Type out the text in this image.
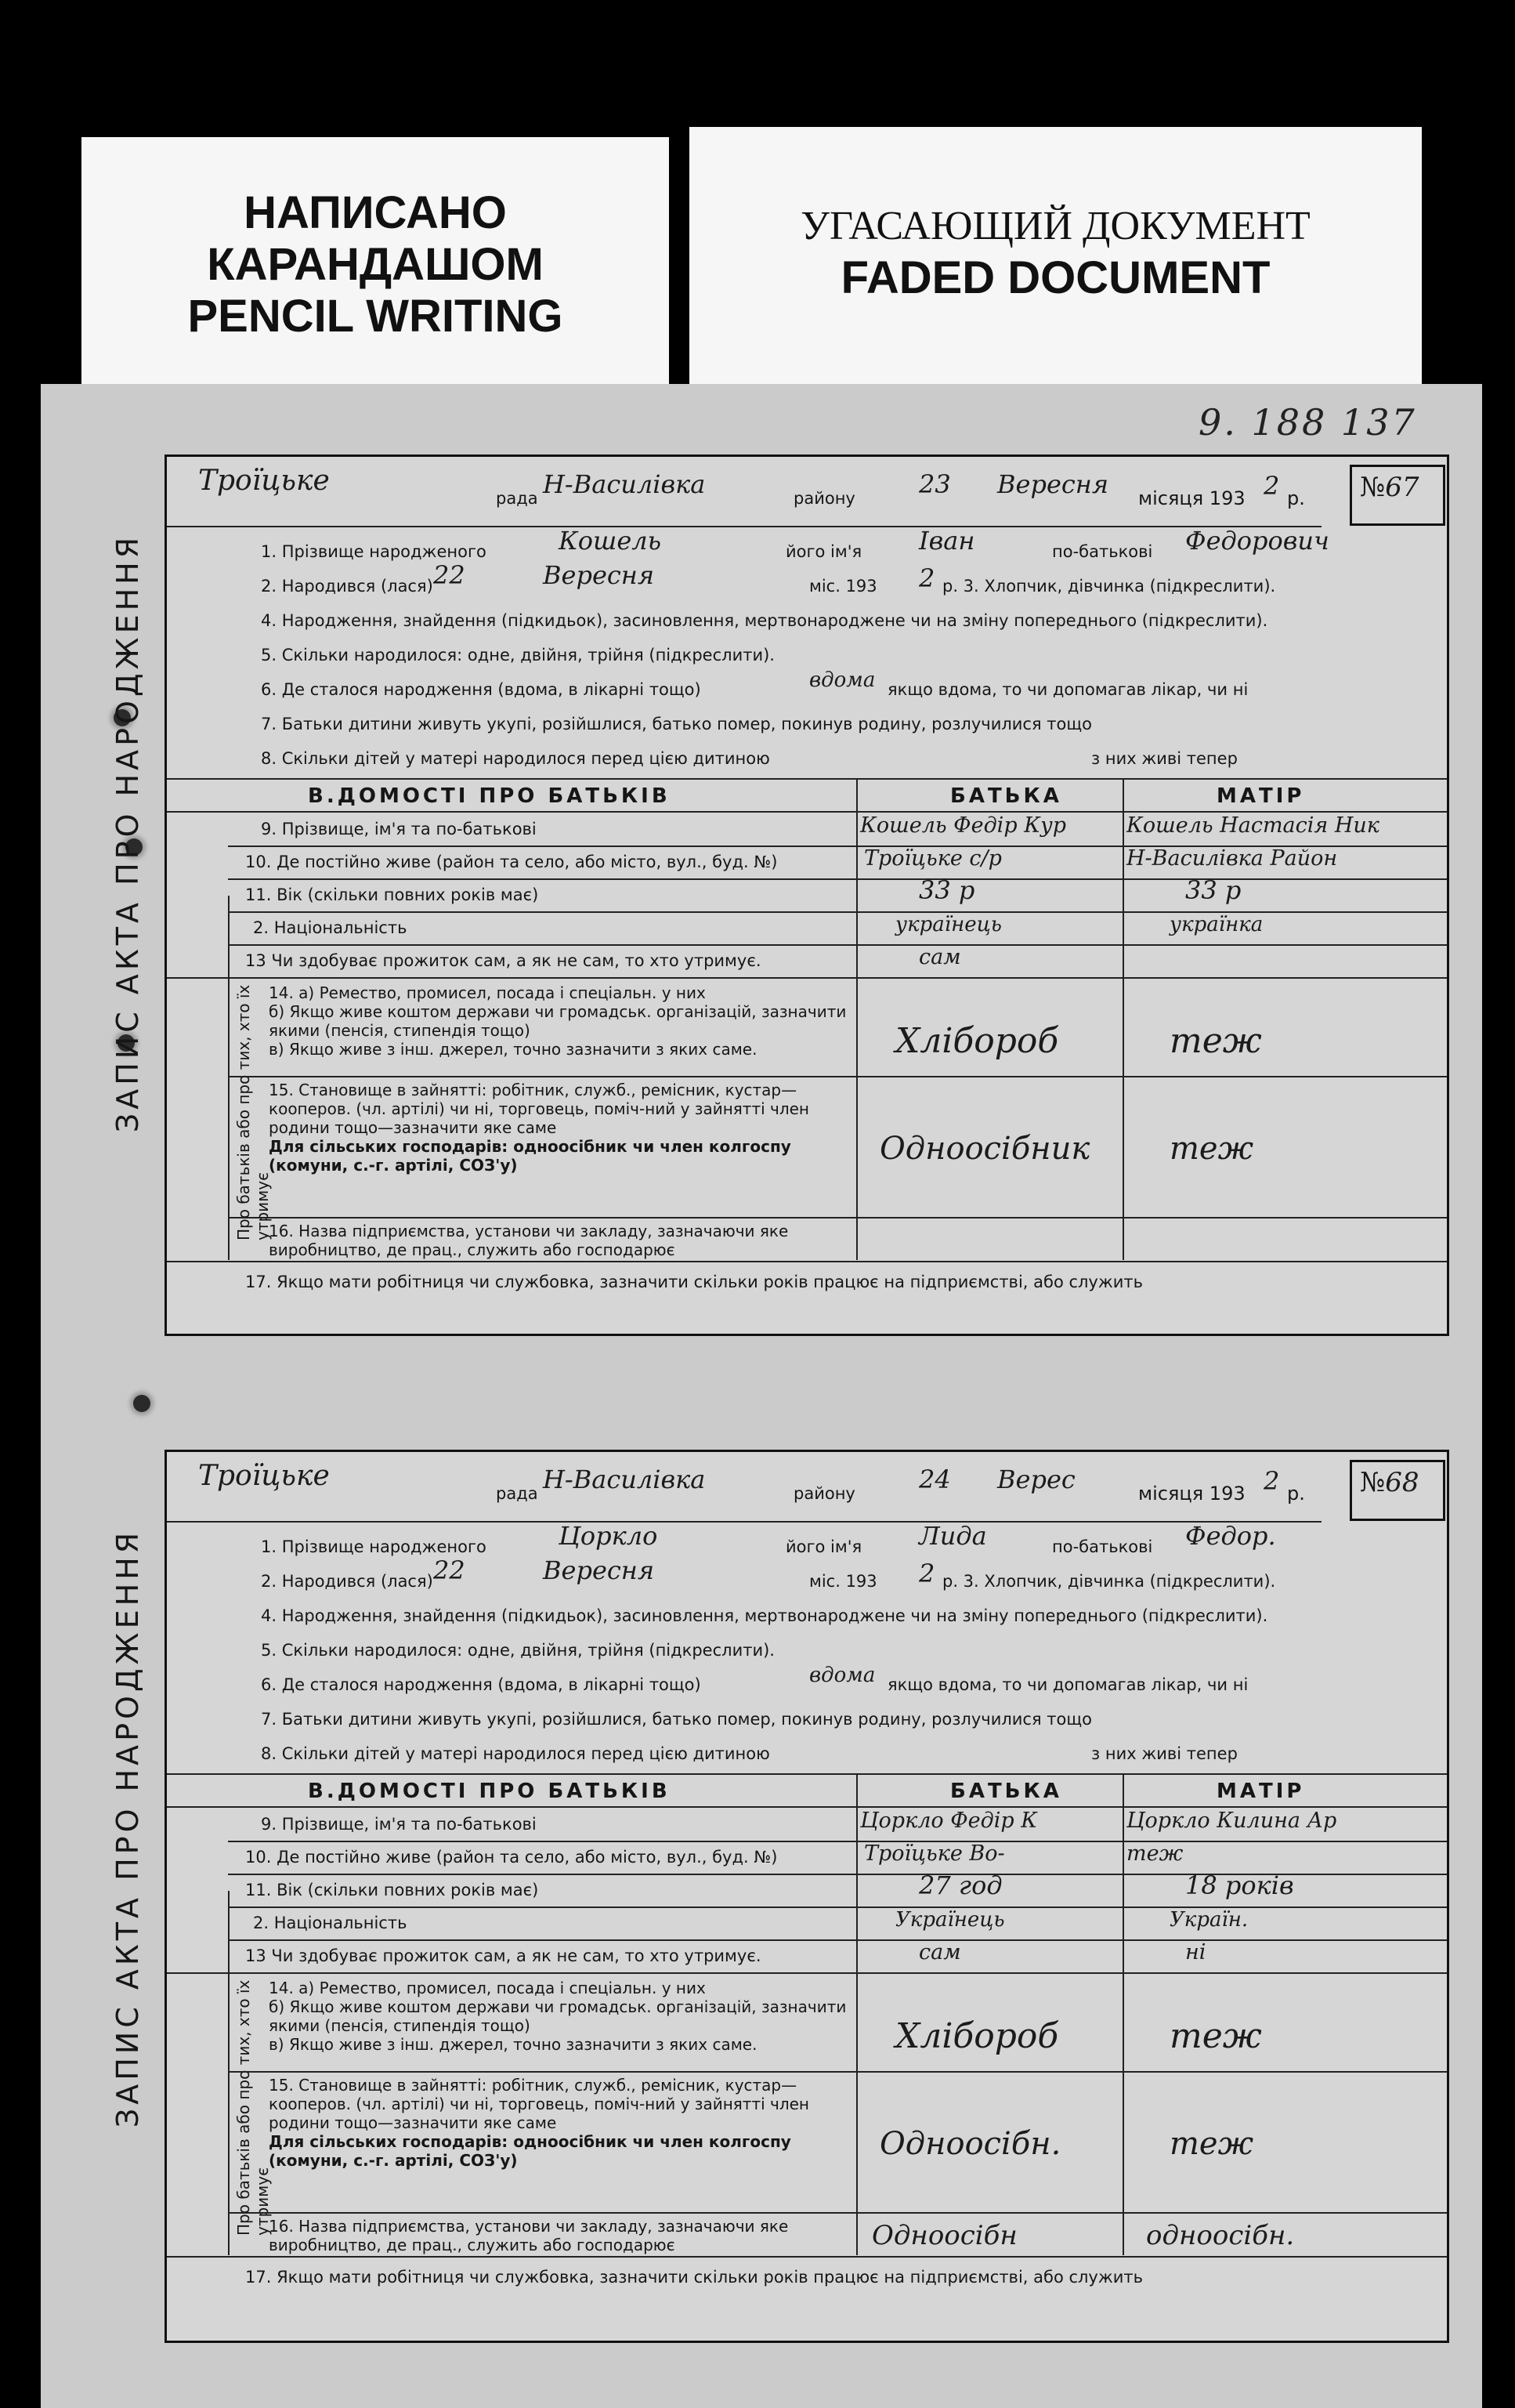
НАПИСАНО
КАРАНДАШОМ
PENCIL WRITING
УГАСАЮЩИЙ ДОКУМЕНТ
FADED DOCUMENT
9. 188 137
ЗАПИС АКТА ПРО НАРОДЖЕННЯ
Троїцьке
рада Н-Василівка	району	23 Вересня місяця 193 2 р.	№67
1. Прізвище народженого	Кошель	його ім'я Іван	по-батькові Федорович
2. Народився (лася) 22	Вересня	міс. 193 2 р. 3. Хлопчик, дівчинка (підкреслити).
4. Народження, знайдення (підкидьок), засиновлення, мертвонароджене чи на зміну попереднього (підкреслити).
5. Скільки народилося: одне, двійня, трійня (підкреслити).
6. Де сталося народження (вдома, в лікарні тощо)	вдома якщо вдома, то чи допомагав лікар, чи ні
7. Батьки дитини живуть укупі, розійшлися, батько помер, покинув родину, розлучилися тощо
8. Скільки дітей у матері народилося перед цією дитиною	з них живі тепер
В.ДОМОСТІ ПРО БАТЬКІВ	БАТЬКА	МАТІР
9. Прізвище, ім'я та по-батькові	Кошель Федір Кур	Кошель Настасія Ник
10. Де постійно живе (район та село, або місто, вул., буд. №)	Троїцьке с/р	Н-Василівка Район
11. Вік (скільки повних років має)	33 р	33 р
2. Національність	українець	українка
13 Чи здобуває прожиток сам, а як не сам, то хто утримує.	сам
Про батьків або про тих, хто їх утримує
14. а) Ремество, промисел, посада і спеціальн. у них
б) Якщо живе коштом держави чи громадськ. організацій, зазначити якими (пенсія, стипендія тощо)
в) Якщо живе з інш. джерел, точно зазначити з яких саме.	Хлібороб	теж
15. Становище в зайнятті: робітник, служб., ремісник, кустар—кооперов. (чл. артілі) чи ні, торговець, поміч-ний у зайнятті член родини тощо—зазначити яке саме
Для сільських господарів: одноосібник чи член колгоспу (комуни, с.-г. артілі, СОЗ'у)	Одноосібник	теж
16. Назва підприємства, установи чи закладу, зазначаючи яке виробництво, де прац., служить або господарює
17. Якщо мати робітниця чи службовка, зазначити скільки років працює на підприємстві, або служить
ЗАПИС АКТА ПРО НАРОДЖЕННЯ
Троїцьке
рада Н-Василівка	району	24 Верес	місяця 193 2 р.	№68
1. Прізвище народженого	Цоркло	його ім'я Лида	по-батькові Федор.
2. Народився (лася) 22	Вересня	міс. 193 2 р. 3. Хлопчик, дівчинка (підкреслити).
4. Народження, знайдення (підкидьок), засиновлення, мертвонароджене чи на зміну попереднього (підкреслити).
5. Скільки народилося: одне, двійня, трійня (підкреслити).
6. Де сталося народження (вдома, в лікарні тощо)	вдома якщо вдома, то чи допомагав лікар, чи ні
7. Батьки дитини живуть укупі, розійшлися, батько помер, покинув родину, розлучилися тощо
8. Скільки дітей у матері народилося перед цією дитиною	з них живі тепер
В.ДОМОСТІ ПРО БАТЬКІВ	БАТЬКА	МАТІР
9. Прізвище, ім'я та по-батькові	Цоркло Федір К	Цоркло Килина Ар
10. Де постійно живе (район та село, або місто, вул., буд. №)	Троїцьке Во-	теж
11. Вік (скільки повних років має)	27 год	18 років
2. Національність	Українець	Україн.
13 Чи здобуває прожиток сам, а як не сам, то хто утримує.	сам	ні
Про батьків або про тих, хто їх утримує
14. а) Ремество, промисел, посада і спеціальн. у них
б) Якщо живе коштом держави чи громадськ. організацій, зазначити якими (пенсія, стипендія тощо)
в) Якщо живе з інш. джерел, точно зазначити з яких саме.	Хлібороб	теж
15. Становище в зайнятті: робітник, служб., ремісник, кустар—кооперов. (чл. артілі) чи ні, торговець, поміч-ний у зайнятті член родини тощо—зазначити яке саме
Для сільських господарів: одноосібник чи член колгоспу (комуни, с.-г. артілі, СОЗ'у)	Одноосібн.	теж
16. Назва підприємства, установи чи закладу, зазначаючи яке виробництво, де прац., служить або господарює	Одноосібн	одноосібн.
17. Якщо мати робітниця чи службовка, зазначити скільки років працює на підприємстві, або служить
